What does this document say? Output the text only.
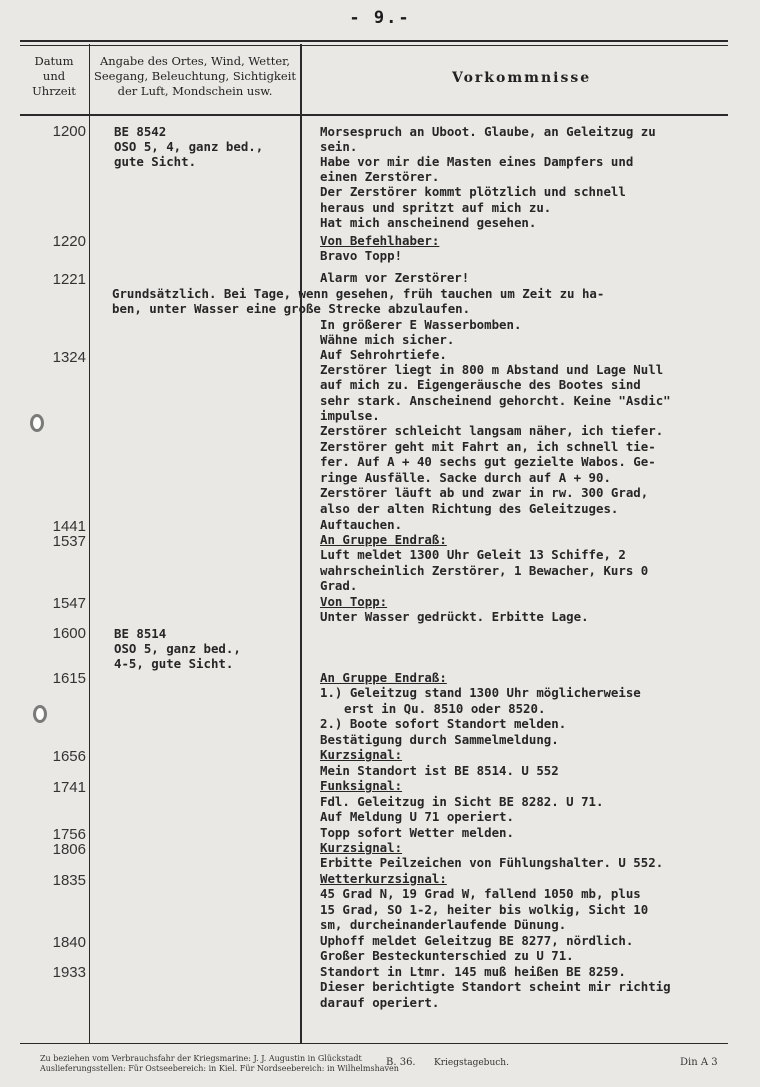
- 9.-
Datum und Uhrzeit
Angabe des Ortes, Wind, Wetter, Seegang, Beleuchtung, Sichtigkeit der Luft, Mondschein usw.
Vorkommnisse
1200
1220
1221
1324
1441
1537
1547
1600
1615
1656
1741
1756
1806
1835
1840
1933
BE 8542
OSO 5, 4, ganz bed.,
gute Sicht.
BE 8514
OSO 5, ganz bed.,
4-5, gute Sicht.
Grundsätzlich. Bei Tage, wenn gesehen, früh tauchen um Zeit zu ha-
ben, unter Wasser eine große Strecke abzulaufen.
Morsespruch an Uboot. Glaube, an Geleitzug zu
sein.
Habe vor mir die Masten eines Dampfers und
einen Zerstörer.
Der Zerstörer kommt plötzlich und schnell
heraus und spritzt auf mich zu.
Hat mich anscheinend gesehen.
Von Befehlhaber:
Bravo Topp!
Alarm vor Zerstörer!
In größerer E Wasserbomben.
Wähne mich sicher.
Auf Sehrohrtiefe.
Zerstörer liegt in 800 m Abstand und Lage Null
auf mich zu. Eigengeräusche des Bootes sind
sehr stark. Anscheinend gehorcht. Keine "Asdic"
impulse.
Zerstörer schleicht langsam näher, ich tiefer.
Zerstörer geht mit Fahrt an, ich schnell tie-
fer. Auf A + 40 sechs gut gezielte Wabos. Ge-
ringe Ausfälle. Sacke durch auf A + 90.
Zerstörer läuft ab und zwar in rw. 300 Grad,
also der alten Richtung des Geleitzuges.
Auftauchen.
An Gruppe Endraß:
Luft meldet 1300 Uhr Geleit 13 Schiffe, 2
wahrscheinlich Zerstörer, 1 Bewacher, Kurs 0
Grad.
Von Topp:
Unter Wasser gedrückt. Erbitte Lage.
An Gruppe Endraß:
1.) Geleitzug stand 1300 Uhr möglicherweise
erst in Qu. 8510 oder 8520.
2.) Boote sofort Standort melden.
Bestätigung durch Sammelmeldung.
Kurzsignal:
Mein Standort ist BE 8514. U 552
Funksignal:
Fdl. Geleitzug in Sicht BE 8282. U 71.
Auf Meldung U 71 operiert.
Topp sofort Wetter melden.
Kurzsignal:
Erbitte Peilzeichen von Fühlungshalter. U 552.
Wetterkurzsignal:
45 Grad N, 19 Grad W, fallend 1050 mb, plus
15 Grad, SO 1-2, heiter bis wolkig, Sicht 10
sm, durcheinanderlaufende Dünung.
Uphoff meldet Geleitzug BE 8277, nördlich.
Großer Besteckunterschied zu U 71.
Standort in Ltmr. 145 muß heißen BE 8259.
Dieser berichtigte Standort scheint mir richtig
darauf operiert.
Zu beziehen vom Verbrauchsfahr der Kriegsmarine: J. J. Augustin in Glückstadt
Auslieferungsstellen: Für Ostseebereich: in Kiel. Für Nordseebereich: in Wilhelmshaven
B. 36. Kriegstagebuch.	Din A 3
